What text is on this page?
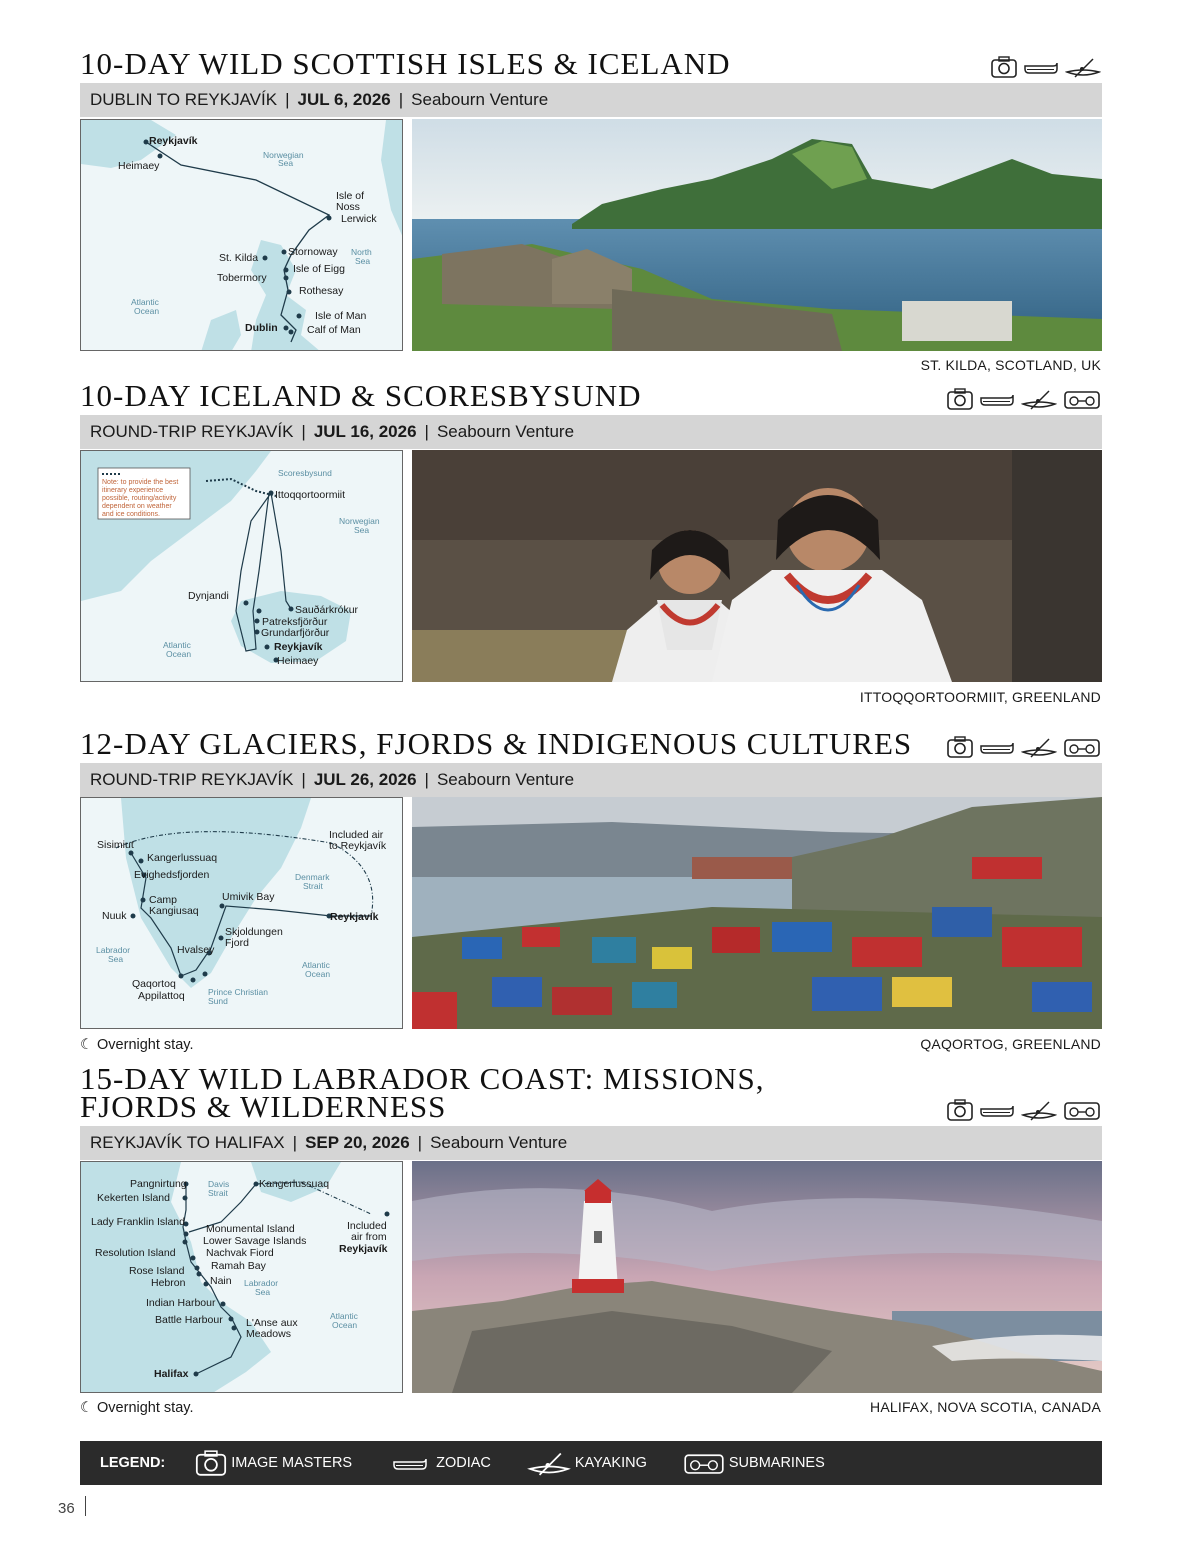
10-DAY WILD SCOTTISH ISLES & ICELAND
DUBLIN TO REYKJAVÍK | JUL 6, 2026 | Seabourn Venture
Reykjavík
Heimaey
Norwegian
Sea
Isle of
Noss
Lerwick
St. Kilda	Stornoway North
Sea
Isle of Eigg
Tobermory
Rothesay
Atlantic
Ocean	Isle of Man
Dublin	Calf of Man
ST. KILDA, SCOTLAND, UK
10-DAY ICELAND & SCORESBYSUND
ROUND-TRIP REYKJAVÍK | JUL 16, 2026 | Seabourn Venture
Note: to provide the best
itinerary experience
possible, routing/activity
dependent on weather
and ice conditions.
Scoresbysund
Ittoqqortoormiit
Norwegian
Sea
Dynjandi
Sauðárkrókur
Patreksfjörður
Grundarfjörður
Reykjavík
Heimaey
Atlantic
Ocean
ITTOQQORTOORMIIT, GREENLAND
12-DAY GLACIERS, FJORDS & INDIGENOUS CULTURES
ROUND-TRIP REYKJAVÍK | JUL 26, 2026 | Seabourn Venture
Sisimiut
Kangerlussuaq
Evighedsfjorden
Camp
Kangiusaq
Nuuk
Umivik Bay
Skjoldungen
Fjord
Hvalsey
Labrador
Sea
Qaqortoq
Appilattoq	Prince Christian
Sund
Included air
to Reykjavík
Denmark
Strait
Reykjavík
Atlantic
Ocean
☾ Overnight stay.	QAQORTOG, GREENLAND
15-DAY WILD LABRADOR COAST: MISSIONS,
FJORDS & WILDERNESS
REYKJAVÍK TO HALIFAX | SEP 20, 2026 | Seabourn Venture
Pangnirtung
Kekerten Island
Davis
Strait
Kangerlussuaq
Lady Franklin Island
Monumental Island
Lower Savage Islands
Nachvak Fiord
Resolution Island
Ramah Bay
Rose Island
Hebron Nain Labrador
Sea
Included
air from
Reykjavík
Indian Harbour
Battle Harbour L'Anse aux
Meadows
Atlantic
Ocean
Halifax
☾ Overnight stay.	HALIFAX, NOVA SCOTIA, CANADA
LEGEND:	IMAGE MASTERS	ZODIAC	KAYAKING	SUBMARINES
36
